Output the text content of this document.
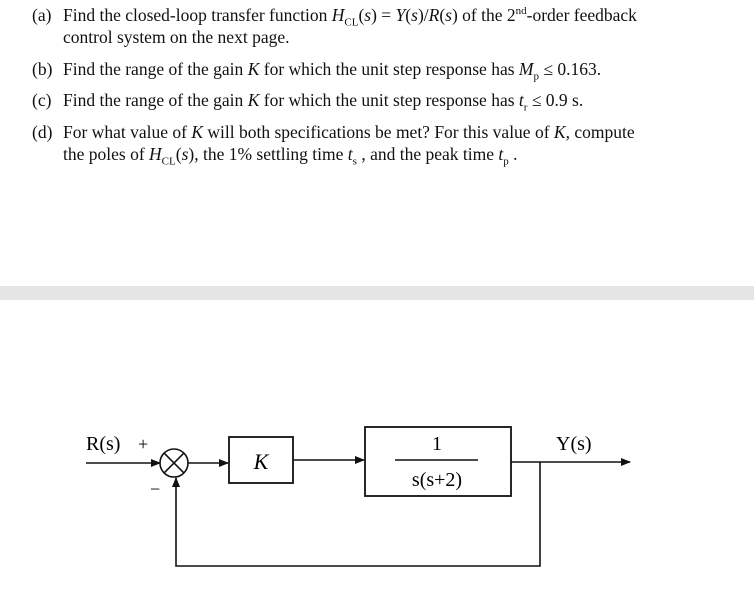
(a) Find the closed-loop transfer function $H_{CL}(s) = Y(s)/R(s)$ of the 2nd-order feedback
control system on the next page.
(b) Find the range of the gain K for which the unit step response has $M_p \le 0.163$.
(c) Find the range of the gain K for which the unit step response has $t_r \le 0.9$ s.
(d) For what value of K will both specifications be met? For this value of K, compute
the poles of $H_{CL}(s)$, the 1% settling time $t_s$ , and the peak time $t_p$ .
R(s) +
−
K
1
s(s+2)
Y(s)
